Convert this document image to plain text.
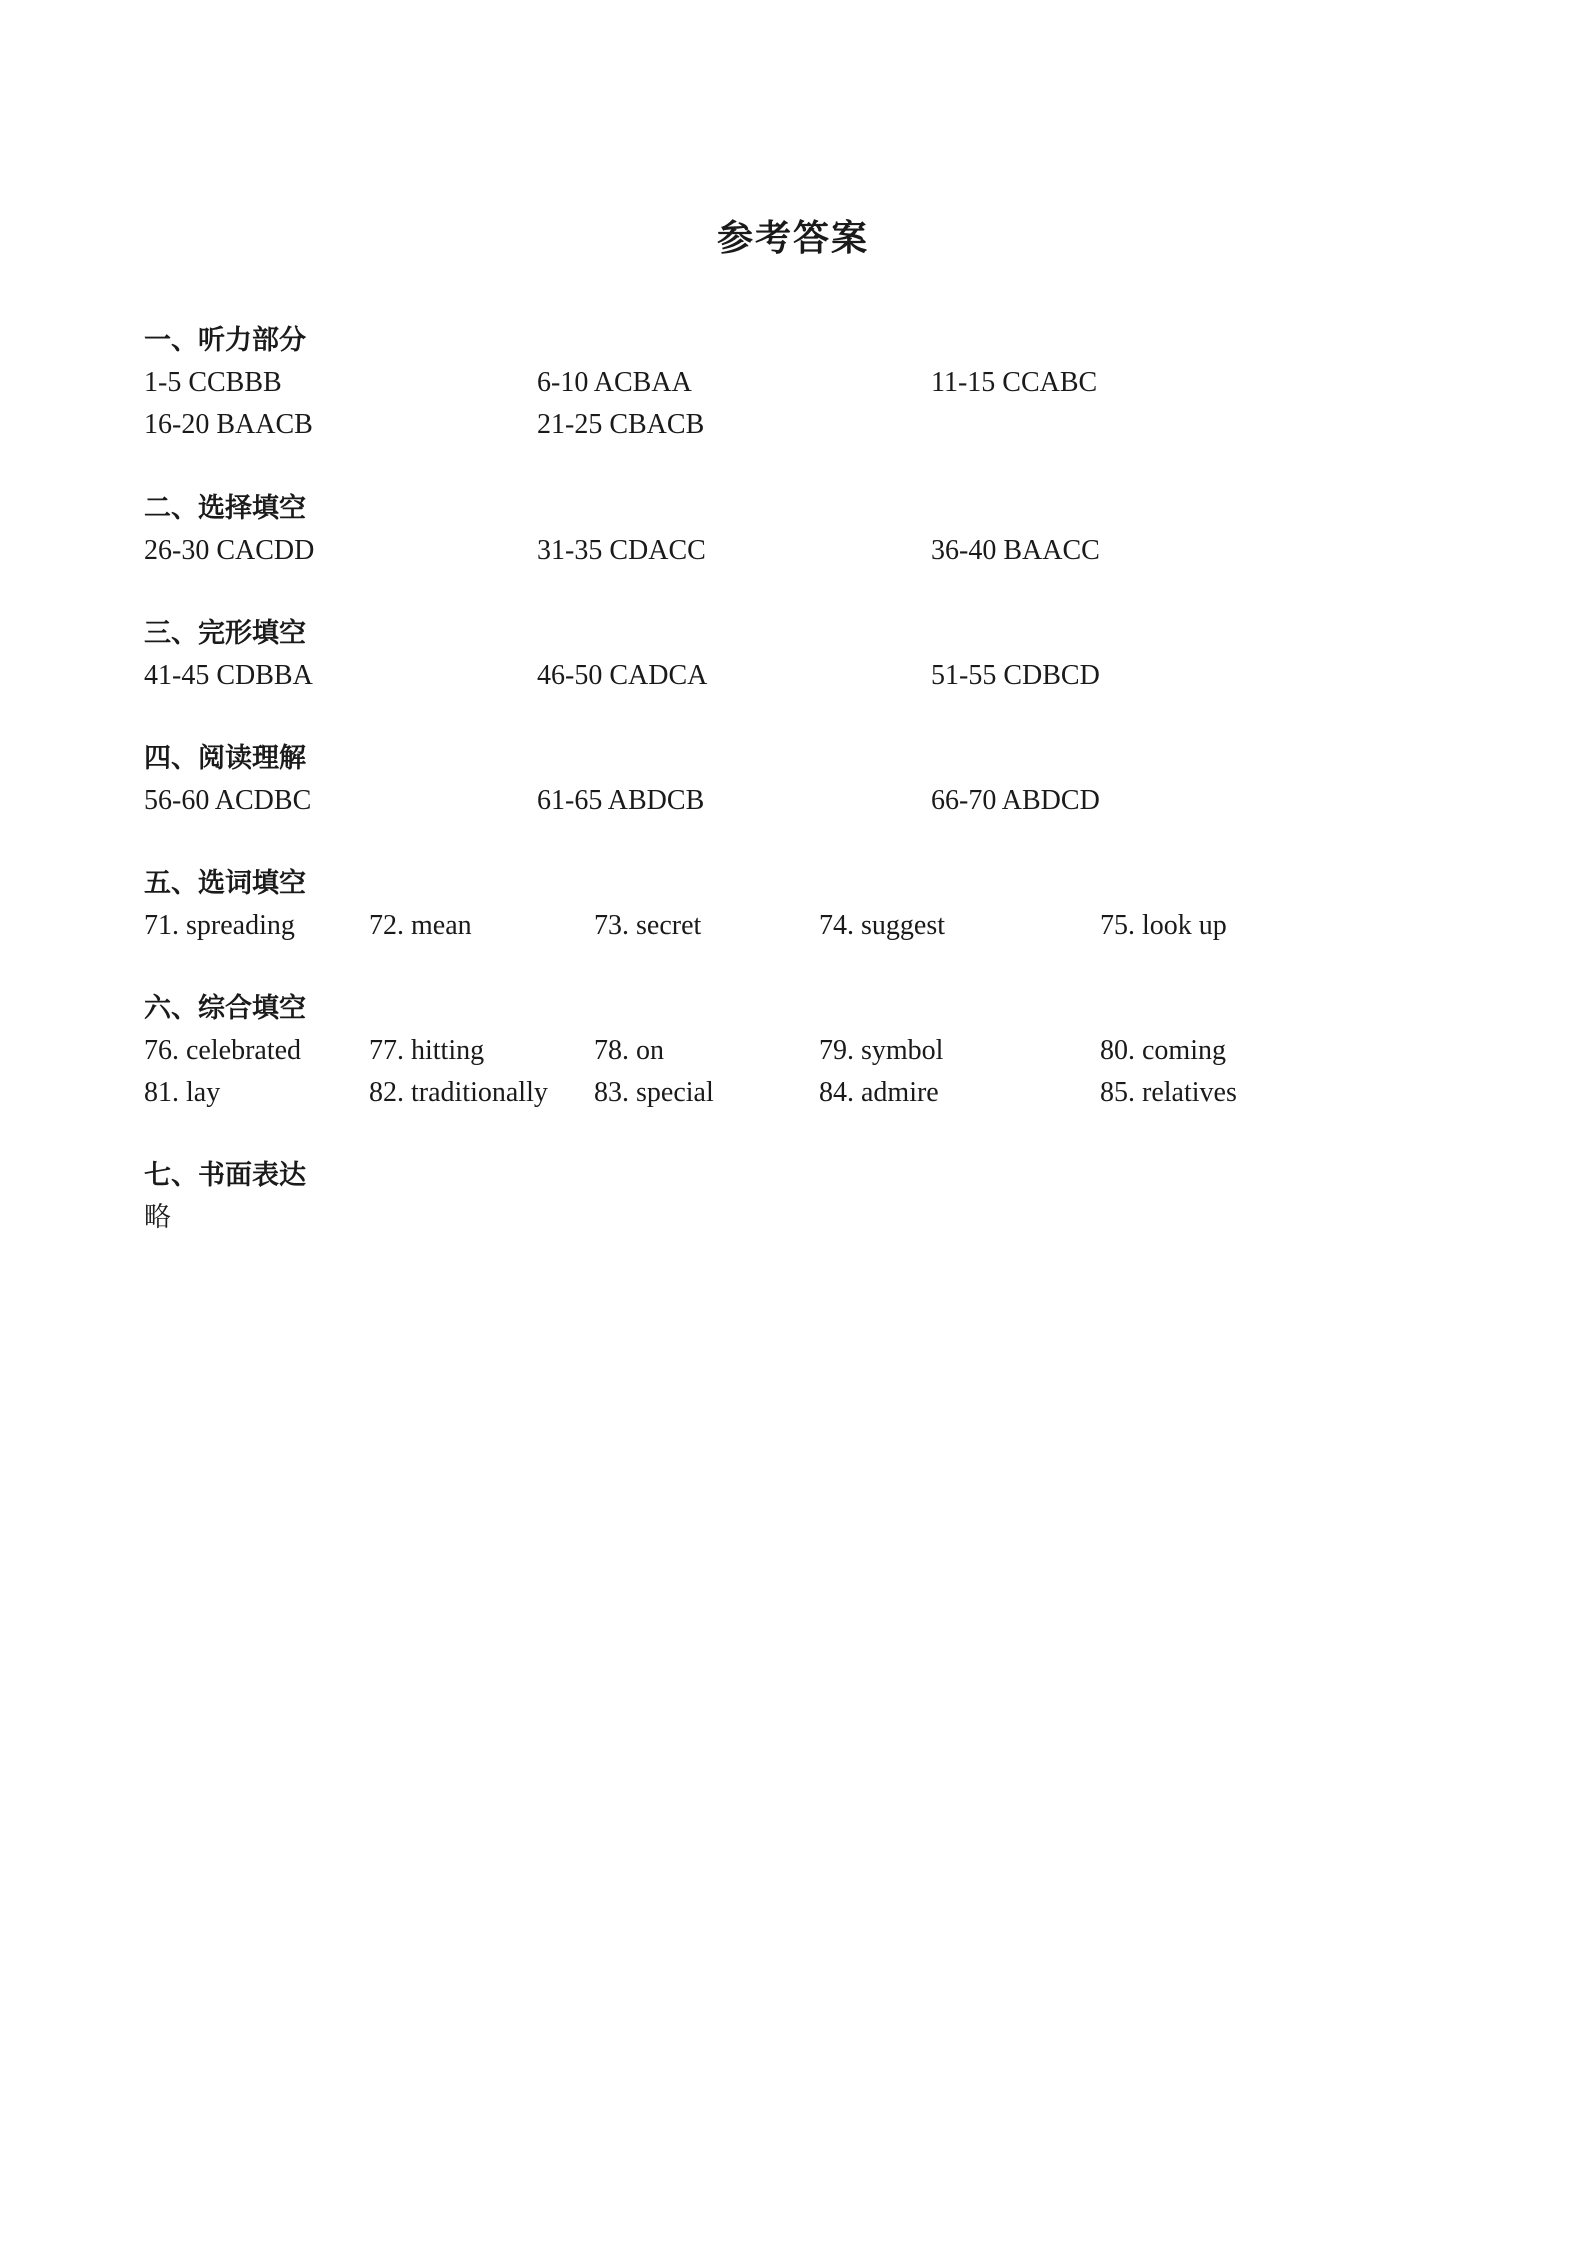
参考答案
一、听力部分
1-5 CCBBB	6-10 ACBAA	11-15 CCABC
16-20 BAACB	21-25 CBACB
二、选择填空
26-30 CACDD	31-35 CDACC	36-40 BAACC
三、完形填空
41-45 CDBBA	46-50 CADCA	51-55 CDBCD
四、阅读理解
56-60 ACDBC	61-65 ABDCB	66-70 ABDCD
五、选词填空
71. spreading	72. mean	73. secret	74. suggest	75. look up
六、综合填空
76. celebrated 77. hitting	78. on	79. symbol	80. coming
81. lay	82. traditionally 83. special	84. admire	85. relatives
七、书面表达
略
